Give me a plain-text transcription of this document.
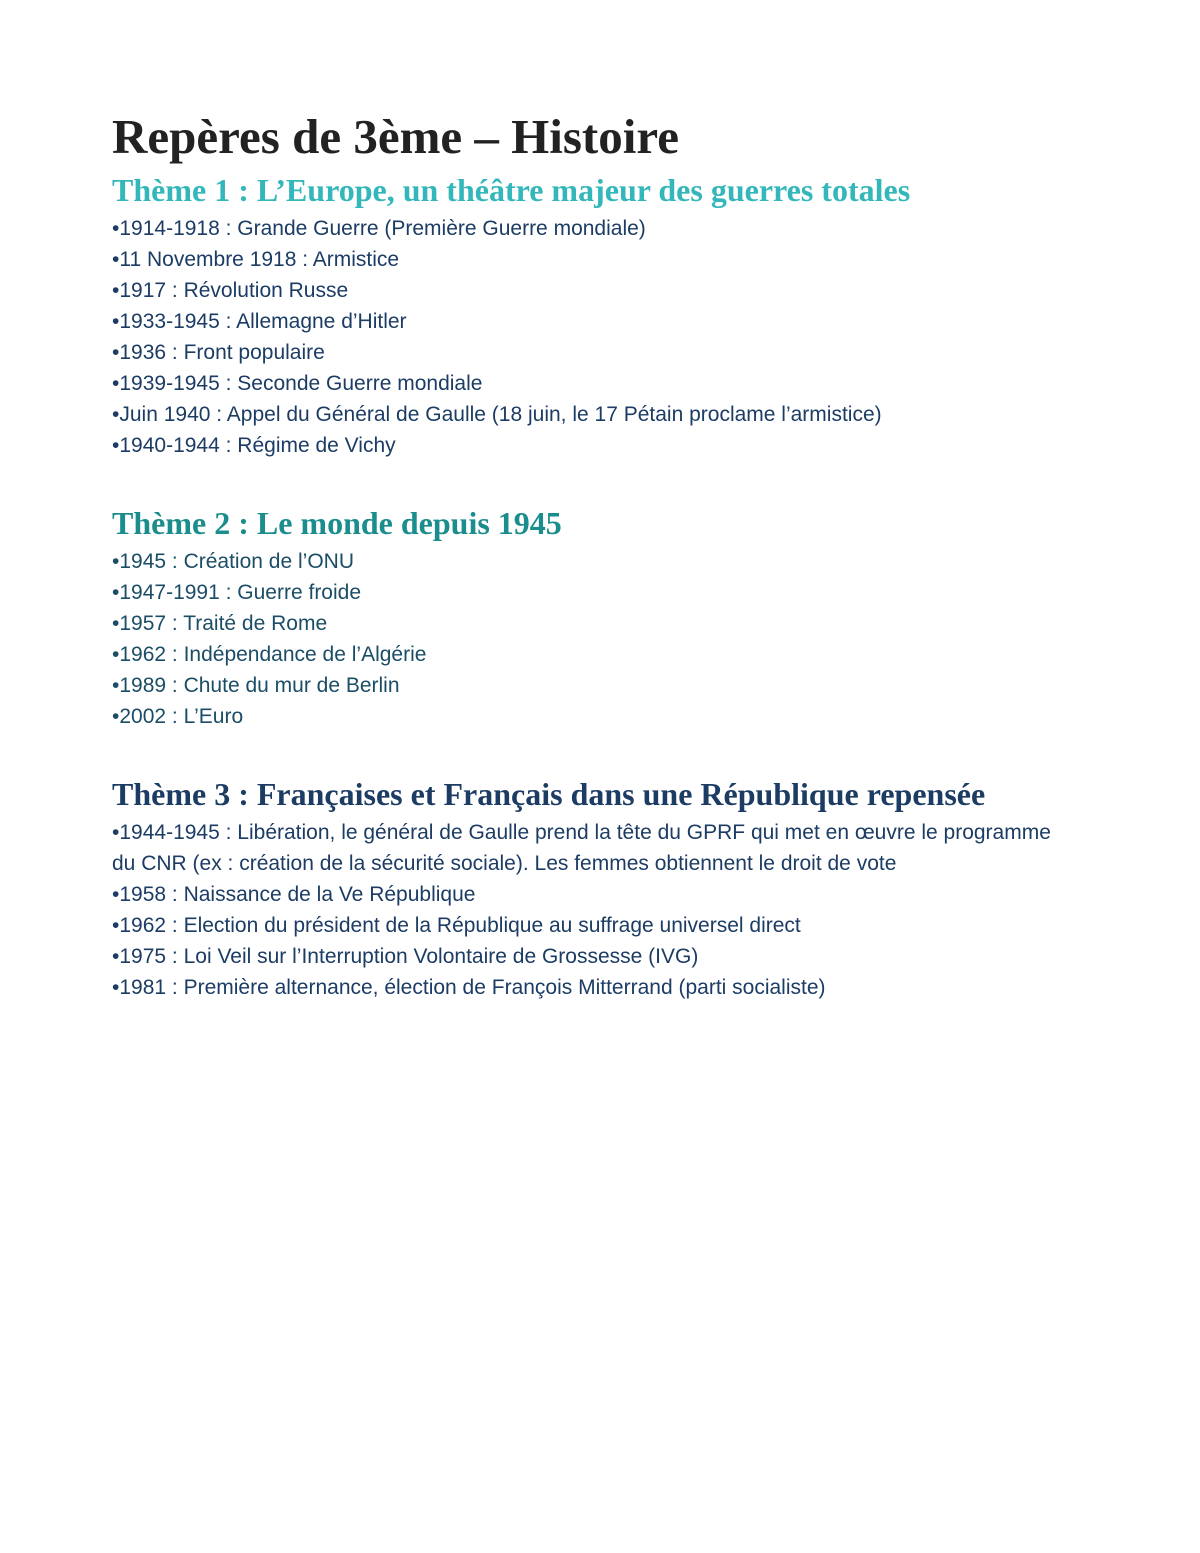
Repères de 3ème – Histoire
Thème 1 : L’Europe, un théâtre majeur des guerres totales
•1914-1918 : Grande Guerre (Première Guerre mondiale)
•11 Novembre 1918 : Armistice
•1917 : Révolution Russe
•1933-1945 : Allemagne d’Hitler
•1936 : Front populaire
•1939-1945 : Seconde Guerre mondiale
•Juin 1940 : Appel du Général de Gaulle (18 juin, le 17 Pétain proclame l’armistice)
•1940-1944 : Régime de Vichy
Thème 2 : Le monde depuis 1945
•1945 : Création de l’ONU
•1947-1991 : Guerre froide
•1957 : Traité de Rome
•1962 : Indépendance de l’Algérie
•1989 : Chute du mur de Berlin
•2002 : L’Euro
Thème 3 : Françaises et Français dans une République repensée
•1944-1945 : Libération, le général de Gaulle prend la tête du GPRF qui met en œuvre le programme du CNR (ex : création de la sécurité sociale). Les femmes obtiennent le droit de vote
•1958 : Naissance de la Ve République
•1962 : Election du président de la République au suffrage universel direct
•1975 : Loi Veil sur l’Interruption Volontaire de Grossesse (IVG)
•1981 : Première alternance, élection de François Mitterrand (parti socialiste)
